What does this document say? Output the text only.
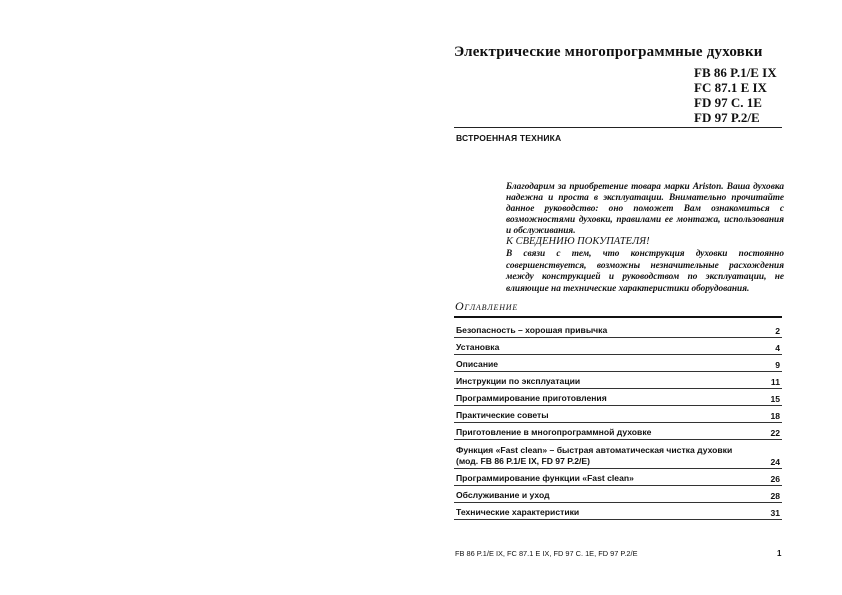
Электрические многопрограммные духовки
FB 86 P.1/E IX
FC 87.1 E IX
FD 97 C. 1E
FD 97 P.2/E
ВСТРОЕННАЯ ТЕХНИКА

Благодарим за приобретение товара марки Ariston. Ваша духовка надежна и проста в эксплуатации. Внимательно прочитайте данное руководство: оно поможет Вам ознакомиться с возможностями духовки, правилами ее монтажа, использования и обслуживания.

К СВЕДЕНИЮ ПОКУПАТЕЛЯ!
В связи с тем, что конструкция духовки постоянно совершенствуется, возможны незначительные расхождения между конструкцией и руководством по эксплуатации, не влияющие на технические характеристики оборудования.
Оглавление
Безопасность – хорошая привычка	2
Установка	4
Описание	9
Инструкции по эксплуатации	11
Программирование приготовления	15
Практические советы	18
Приготовление в многопрограммной духовке	22
Функция «Fast clean» – быстрая автоматическая чистка духовки
(мод. FB 86 P.1/E IX, FD 97 P.2/E)	24
Программирование функции «Fast clean»	26
Обслуживание и уход	28
Технические характеристики	31
FB 86 P.1/E IX, FC 87.1 E IX, FD 97 C. 1E, FD 97 P.2/E	1
